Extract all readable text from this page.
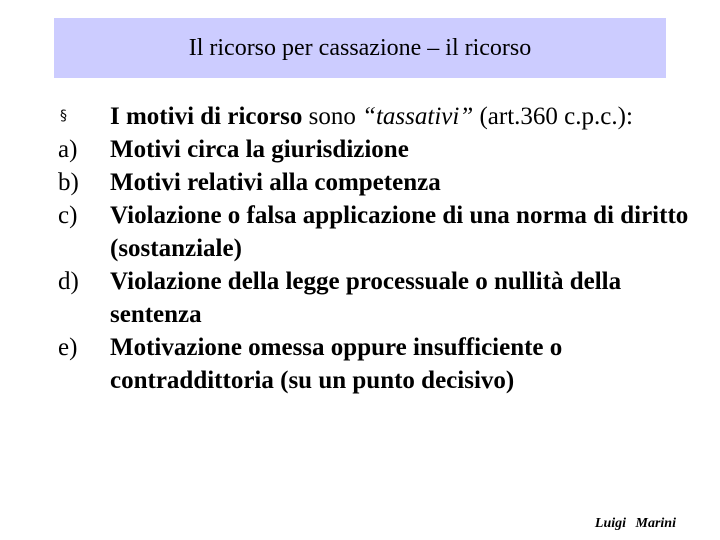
Il ricorso per cassazione – il ricorso
§	I motivi di ricorso sono “tassativi” (art.360 c.p.c.):
a)	Motivi circa la giurisdizione
b)	Motivi relativi alla competenza
c)	Violazione o falsa applicazione di una norma di diritto (sostanziale)
d)	Violazione della legge processuale o nullità della sentenza
e)	Motivazione omessa oppure insufficiente o contraddittoria (su un punto decisivo)
Luigi Marini
